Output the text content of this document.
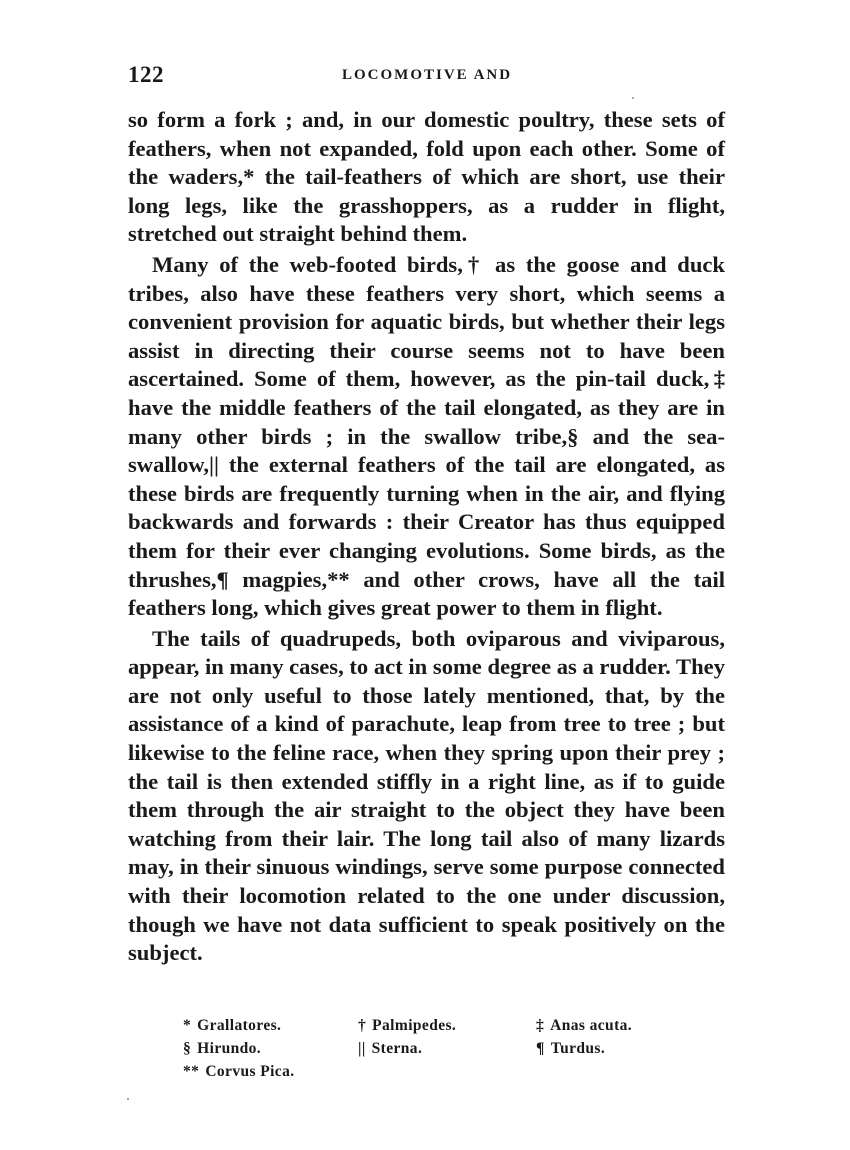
122	LOCOMOTIVE AND

so form a fork ; and, in our domestic poultry, these sets of feathers, when not expanded, fold upon each other. Some of the waders,* the tail-feathers of which are short, use their long legs, like the grasshoppers, as a rudder in flight, stretched out straight behind them.

Many of the web-footed birds,† as the goose and duck tribes, also have these feathers very short, which seems a convenient provision for aquatic birds, but whether their legs assist in directing their course seems not to have been ascertained. Some of them, however, as the pin-tail duck,‡ have the middle feathers of the tail elongated, as they are in many other birds ; in the swallow tribe,§ and the sea-swallow,|| the external feathers of the tail are elongated, as these birds are frequently turning when in the air, and flying backwards and forwards : their Creator has thus equipped them for their ever changing evolutions. Some birds, as the thrushes,¶ magpies,** and other crows, have all the tail feathers long, which gives great power to them in flight.

The tails of quadrupeds, both oviparous and viviparous, appear, in many cases, to act in some degree as a rudder. They are not only useful to those lately mentioned, that, by the assistance of a kind of parachute, leap from tree to tree ; but likewise to the feline race, when they spring upon their prey ; the tail is then extended stiffly in a right line, as if to guide them through the air straight to the object they have been watching from their lair. The long tail also of many lizards may, in their sinuous windings, serve some purpose connected with their locomotion related to the one under discussion, though we have not data sufficient to speak positively on the subject.

* Grallatores.	† Palmipedes.	‡ Anas acuta.
§ Hirundo.	|| Sterna.	¶ Turdus.
** Corvus Pica.
